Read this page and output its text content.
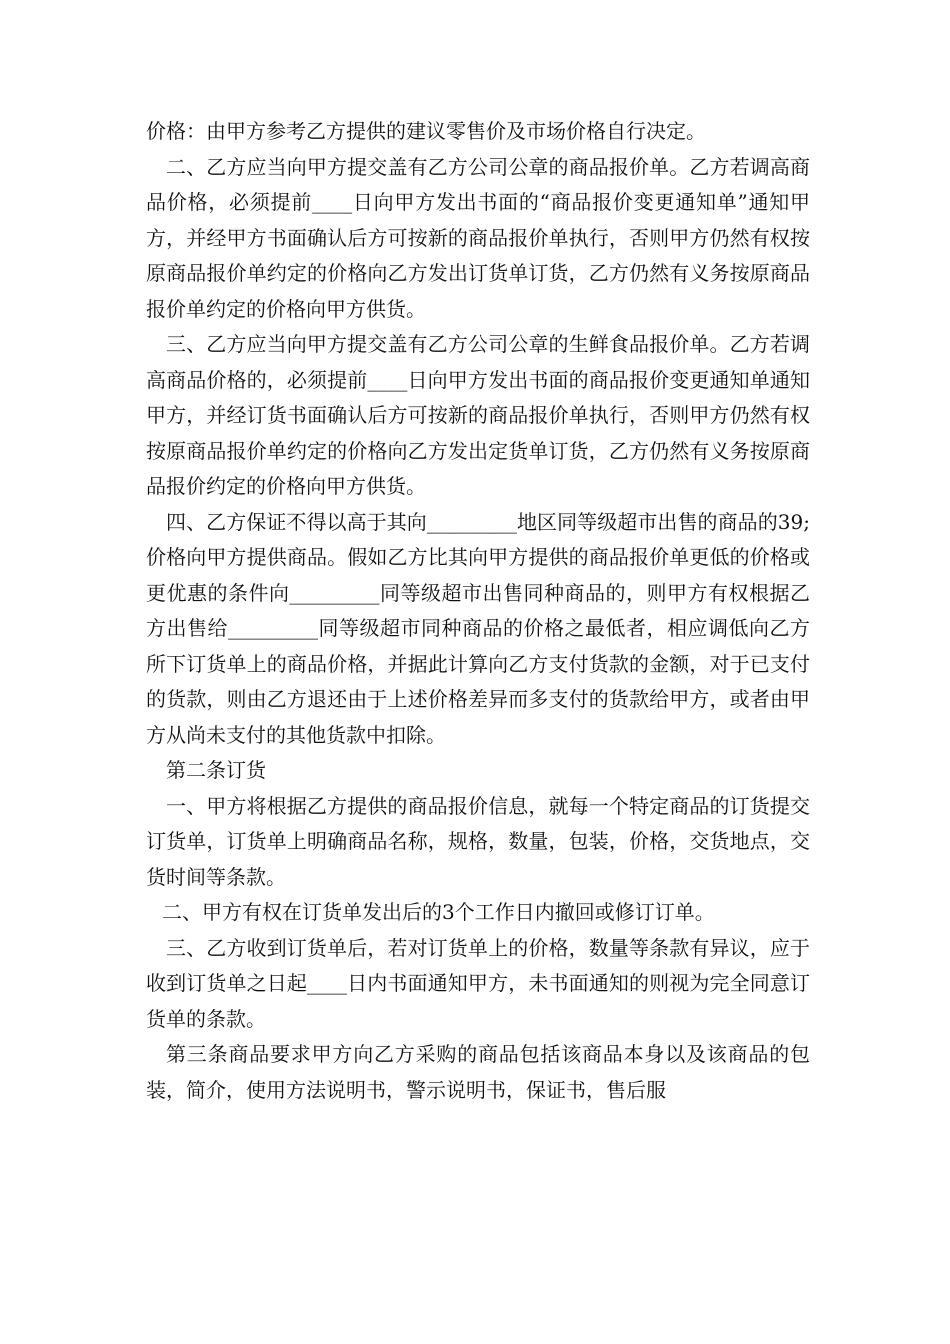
价格：由甲方参考乙方提供的建议零售价及市场价格自行决定。

二、乙方应当向甲方提交盖有乙方公司公章的商品报价单。乙方若调高商品价格，必须提前____日向甲方发出书面的“商品报价变更通知单”通知甲方，并经甲方书面确认后方可按新的商品报价单执行，否则甲方仍然有权按原商品报价单约定的价格向乙方发出订货单订货，乙方仍然有义务按原商品报价单约定的价格向甲方供货。

三、乙方应当向甲方提交盖有乙方公司公章的生鲜食品报价单。乙方若调高商品价格的，必须提前____日向甲方发出书面的商品报价变更通知单通知甲方，并经订货书面确认后方可按新的商品报价单执行，否则甲方仍然有权按原商品报价单约定的价格向乙方发出定货单订货，乙方仍然有义务按原商品报价约定的价格向甲方供货。

四、乙方保证不得以高于其向_________地区同等级超市出售的商品的39;价格向甲方提供商品。假如乙方比其向甲方提供的商品报价单更低的价格或更优惠的条件向_________同等级超市出售同种商品的，则甲方有权根据乙方出售给_________同等级超市同种商品的价格之最低者，相应调低向乙方所下订货单上的商品价格，并据此计算向乙方支付货款的金额，对于已支付的货款，则由乙方退还由于上述价格差异而多支付的货款给甲方，或者由甲方从尚未支付的其他货款中扣除。

第二条订货

一、甲方将根据乙方提供的商品报价信息，就每一个特定商品的订货提交订货单，订货单上明确商品名称，规格，数量，包装，价格，交货地点，交货时间等条款。

二、甲方有权在订货单发出后的3个工作日内撤回或修订订单。

三、乙方收到订货单后，若对订货单上的价格，数量等条款有异议，应于收到订货单之日起____日内书面通知甲方，未书面通知的则视为完全同意订货单的条款。

第三条商品要求甲方向乙方采购的商品包括该商品本身以及该商品的包装，简介，使用方法说明书，警示说明书，保证书，售后服
